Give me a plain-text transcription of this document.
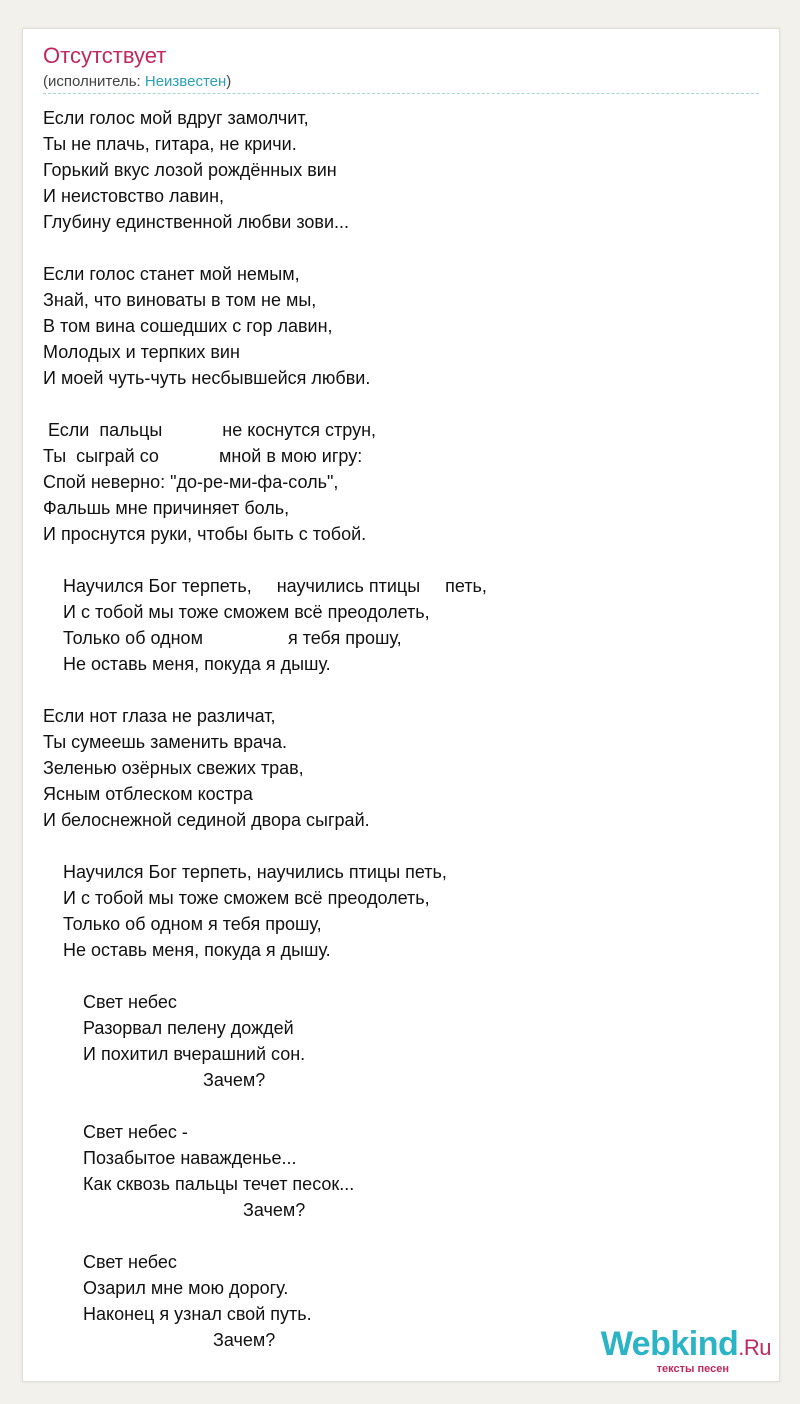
Отсутствует
(исполнитель: Неизвестен)
Если голос мой вдруг замолчит,
Ты не плачь, гитара, не кричи.
Горький вкус лозой рождённых вин
И неистовство лавин,
Глубину единственной любви зови...
Если голос станет мой немым,
Знай, что виноваты в том не мы,
В том вина сошедших с гор лавин,
Молодых и терпких вин
И моей чуть-чуть несбывшейся любви.
Если  пальцы            не коснутся струн,
Ты  сыграй со            мной в мою игру:
Спой неверно: "до-ре-ми-фа-соль",
Фальшь мне причиняет боль,
И проснутся руки, чтобы быть с тобой.
Научился Бог терпеть,     научились птицы     петь,
И с тобой мы тоже сможем всё преодолеть,
Только об одном                 я тебя прошу,
Не оставь меня, покуда я дышу.
Если нот глаза не различат,
Ты сумеешь заменить врача.
Зеленью озёрных свежих трав,
Ясным отблеском костра
И белоснежной сединой двора сыграй.
Научился Бог терпеть, научились птицы петь,
И с тобой мы тоже сможем всё преодолеть,
Только об одном я тебя прошу,
Не оставь меня, покуда я дышу.
Свет небес
Разорвал пелену дождей
И похитил вчерашний сон.
Зачем?
Свет небес -
Позабытое наважденье...
Как сквозь пальцы течет песок...
Зачем?
Свет небес
Озарил мне мою дорогу.
Наконец я узнал свой путь.
Зачем?	Webkind.Ru
тексты песен
